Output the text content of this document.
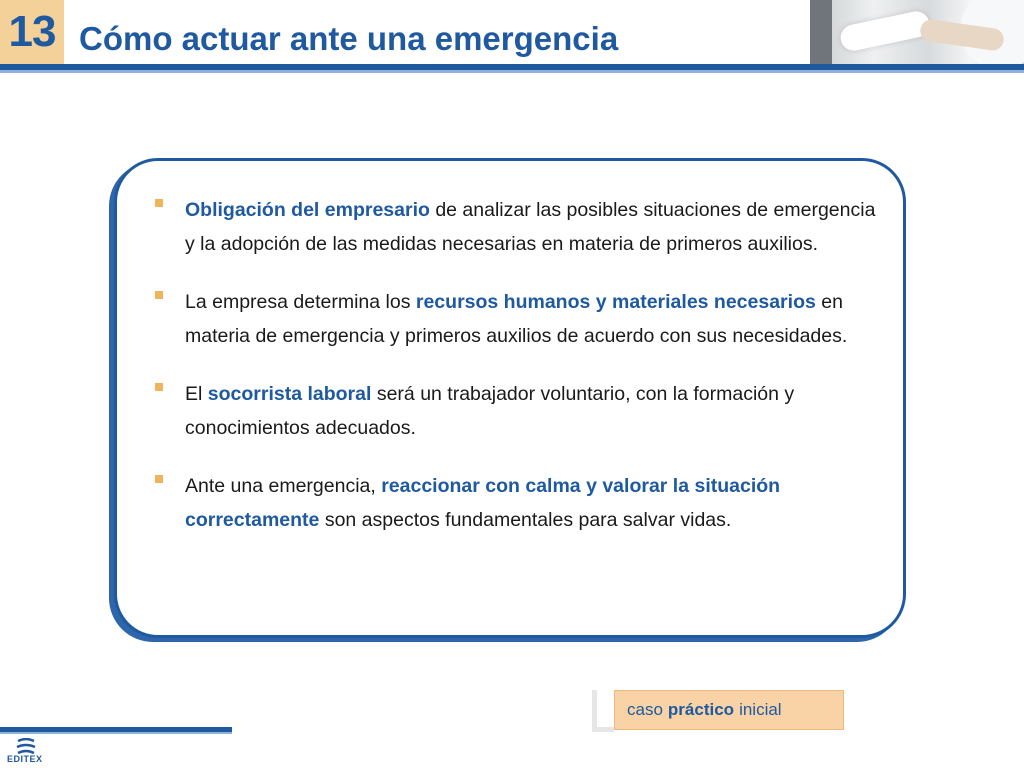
13 Cómo actuar ante una emergencia
Obligación del empresario de analizar las posibles situaciones de emergencia y la adopción de las medidas necesarias en materia de primeros auxilios.
La empresa determina los recursos humanos y materiales necesarios en materia de emergencia y primeros auxilios de acuerdo con sus necesidades.
El socorrista laboral será un trabajador voluntario, con la formación y conocimientos adecuados.
Ante una emergencia, reaccionar con calma y valorar la situación correctamente son aspectos fundamentales para salvar vidas.
EDITEX
caso práctico inicial
